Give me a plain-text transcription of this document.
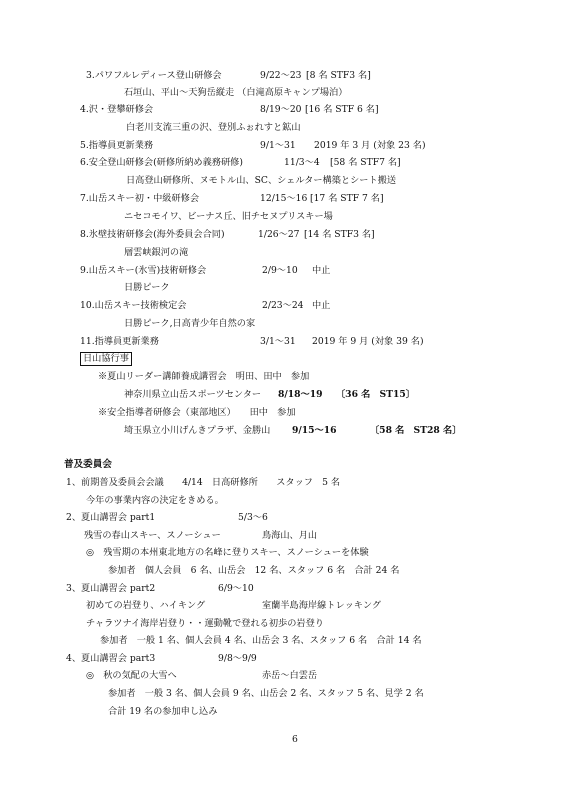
3.パワフルレディース登山研修会	9/22～23 [8 名 STF3 名]
石垣山、平山～天狗岳縦走 （白滝高原キャンプ場泊）
4.沢・登攀研修会	8/19～20 [16 名 STF 6 名]
白老川支流三重の沢、登別ふぉれすと鉱山
5.指導員更新業務	9/1～31 2019 年 3 月 (対象 23 名)
6.安全登山研修会(研修所納め義務研修)	11/3～4 [58 名 STF7 名]
日高登山研修所、ヌモトル山、SC、シェルター構築とシート搬送
7.山岳スキー初・中級研修会	12/15～16 [17 名 STF 7 名]
ニセコモイワ、ビーナス丘、旧チセヌプリスキー場
8.氷壁技術研修会(海外委員会合同)	1/26～27 [14 名 STF3 名]
層雲峡銀河の滝
9.山岳スキー(氷雪)技術研修会	2/9～10 中止
日勝ピーク
10.山岳スキー技術検定会	2/23～24 中止
日勝ピーク,日高青少年自然の家
11.指導員更新業務	3/1～31 2019 年 9 月 (対象 39 名)
日山協行事
※夏山リーダー講師養成講習会　明田、田中　参加
神奈川県立山岳スポーツセンター 8/18～19 〔36 名　ST15〕
※安全指導者研修会（東部地区）　　田中　参加
埼玉県立小川げんきプラザ、金勝山 9/15～16	〔58 名　ST28 名〕
普及委員会
1、前期普及委員会会議　　4/14　日高研修所　　スタッフ　5 名
今年の事業内容の決定をきめる。
2、夏山講習会 part1	5/3～6
残雪の春山スキー、スノーシュー	鳥海山、月山
◎　残雪期の本州東北地方の名峰に登りスキー、スノーシューを体験
参加者　個人会員　6 名、山岳会　12 名、スタッフ 6 名　合計 24 名
3、夏山講習会 part2	6/9～10
初めての岩登り、ハイキング	室蘭半島海岸線トレッキング
チャラツナイ海岸岩登り・・運動靴で登れる初歩の岩登り
参加者　一般 1 名、個人会員 4 名、山岳会 3 名、スタッフ 6 名　合計 14 名
4、夏山講習会 part3	9/8～9/9
◎　秋の気配の大雪へ	赤岳～白雲岳
参加者　一般 3 名、個人会員 9 名、山岳会 2 名、スタッフ 5 名、見学 2 名
合計 19 名の参加申し込み
6
